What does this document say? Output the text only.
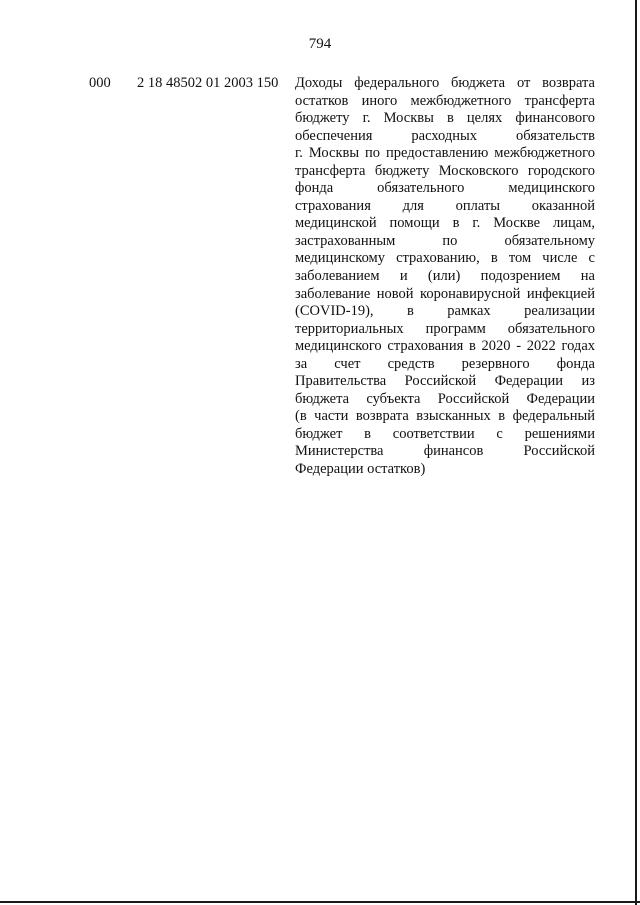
794
000 2 18 48502 01 2003 150 Доходы федерального бюджета от возврата
остатков иного межбюджетного трансферта
бюджету г. Москвы в целях финансового
обеспечения расходных обязательств
г. Москвы по предоставлению межбюджетного
трансферта бюджету Московского городского
фонда обязательного медицинского
страхования для оплаты оказанной
медицинской помощи в г. Москве лицам,
застрахованным по обязательному
медицинскому страхованию, в том числе с
заболеванием и (или) подозрением на
заболевание новой коронавирусной инфекцией
(COVID-19), в рамках реализации
территориальных программ обязательного
медицинского страхования в 2020 - 2022 годах
за счет средств резервного фонда
Правительства Российской Федерации из
бюджета субъекта Российской Федерации
(в части возврата взысканных в федеральный
бюджет в соответствии с решениями
Министерства финансов Российской
Федерации остатков)
